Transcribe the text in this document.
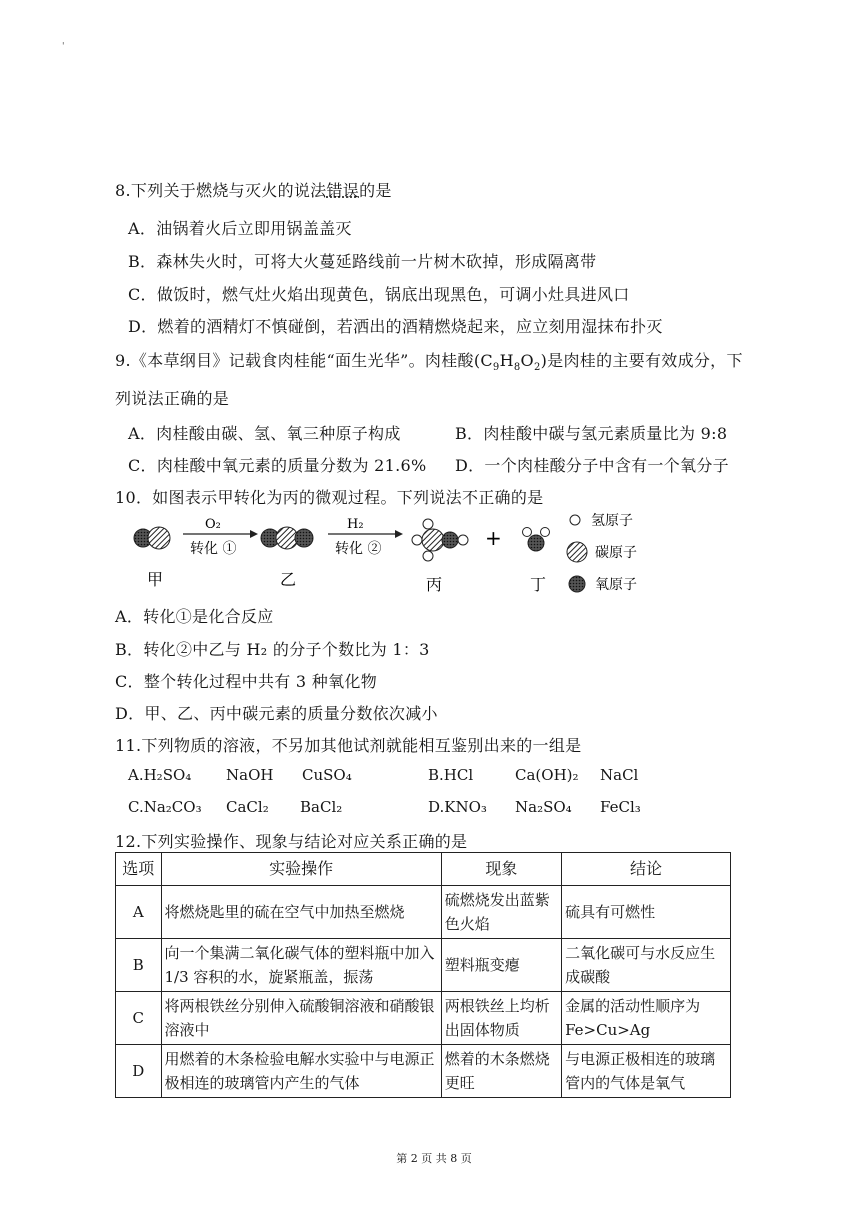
'
8.下列关于燃烧与灭火的说法错误的是
A．油锅着火后立即用锅盖盖灭
B．森林失火时，可将大火蔓延路线前一片树木砍掉，形成隔离带
C．做饭时，燃气灶火焰出现黄色，锅底出现黑色，可调小灶具进风口
D．燃着的酒精灯不慎碰倒，若洒出的酒精燃烧起来，应立刻用湿抹布扑灭
9.《本草纲目》记载食肉桂能“面生光华”。肉桂酸$(C_9H_8O_2)$是肉桂的主要有效成分，下
列说法正确的是
A．肉桂酸由碳、氢、氧三种原子构成	B．肉桂酸中碳与氢元素质量比为 9:8
C．肉桂酸中氧元素的质量分数为 21.6% D．一个肉桂酸分子中含有一个氧分子
10．如图表示甲转化为丙的微观过程。下列说法不正确的是
甲
O₂
转化 ①
乙
H₂
转化 ②
丙
+
丁
氢原子
碳原子
氧原子
A．转化①是化合反应
B．转化②中乙与 H₂ 的分子个数比为 1：3
C．整个转化过程中共有 3 种氧化物
D．甲、乙、丙中碳元素的质量分数依次减小
11.下列物质的溶液，不另加其他试剂就能相互鉴别出来的一组是
A.H₂SO₄ NaOH CuSO₄	B.HCl	Ca(OH)₂ NaCl
C.Na₂CO₃ CaCl₂ BaCl₂	D.KNO₃ Na₂SO₄ FeCl₃
12.下列实验操作、现象与结论对应关系正确的是
选项	实验操作	现象	结论
A	将燃烧匙里的硫在空气中加热至燃烧	硫燃烧发出蓝紫色火焰	硫具有可燃性
B	向一个集满二氧化碳气体的塑料瓶中加入 1/3 容积的水，旋紧瓶盖，振荡	塑料瓶变瘪	二氧化碳可与水反应生成碳酸
C	将两根铁丝分别伸入硫酸铜溶液和硝酸银溶液中	两根铁丝上均析出固体物质	金属的活动性顺序为 Fe>Cu>Ag
D	用燃着的木条检验电解水实验中与电源正极相连的玻璃管内产生的气体	燃着的木条燃烧更旺	与电源正极相连的玻璃管内的气体是氧气
第 2 页 共 8 页
